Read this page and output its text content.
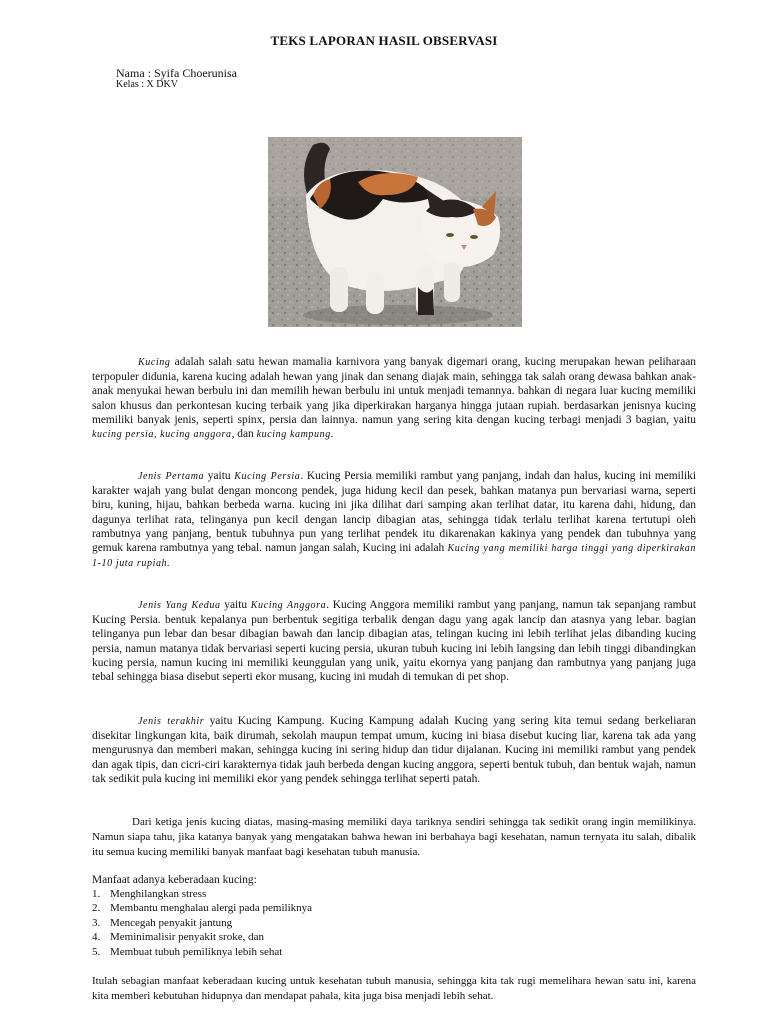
TEKS LAPORAN HASIL OBSERVASI
Nama : Syifa Choerunisa
Kelas : X DKV

Kucing adalah salah satu hewan mamalia karnivora yang banyak digemari orang, kucing merupakan hewan peliharaan terpopuler didunia, karena kucing adalah hewan yang jinak dan senang diajak main, sehingga tak salah orang dewasa bahkan anak-anak menyukai hewan berbulu ini dan memilih hewan berbulu ini untuk menjadi temannya. bahkan di negara luar kucing memiliki salon khusus dan perkontesan kucing terbaik yang jika diperkirakan harganya hingga jutaan rupiah. berdasarkan jenisnya kucing memiliki banyak jenis, seperti spinx, persia dan lainnya. namun yang sering kita dengan kucing terbagi menjadi 3 bagian, yaitu kucing persia, kucing anggora, dan kucing kampung.

Jenis Pertama yaitu Kucing Persia. Kucing Persia memiliki rambut yang panjang, indah dan halus, kucing ini memiliki karakter wajah yang bulat dengan moncong pendek, juga hidung kecil dan pesek, bahkan matanya pun bervariasi warna, seperti biru, kuning, hijau, bahkan berbeda warna. kucing ini jika dilihat dari samping akan terlihat datar, itu karena dahi, hidung, dan dagunya terlihat rata, telinganya pun kecil dengan lancip dibagian atas, sehingga tidak terlalu terlihat karena tertutupi oleh rambutnya yang panjang, bentuk tubuhnya pun yang terlihat pendek itu dikarenakan kakinya yang pendek dan tubuhnya yang gemuk karena rambutnya yang tebal. namun jangan salah, Kucing ini adalah Kucing yang memiliki harga tinggi yang diperkirakan 1-10 juta rupiah.

Jenis Yang Kedua yaitu Kucing Anggora. Kucing Anggora memiliki rambut yang panjang, namun tak sepanjang rambut Kucing Persia. bentuk kepalanya pun berbentuk segitiga terbalik dengan dagu yang agak lancip dan atasnya yang lebar. bagian telinganya pun lebar dan besar dibagian bawah dan lancip dibagian atas, telingan kucing ini lebih terlihat jelas dibanding kucing persia, namun matanya tidak bervariasi seperti kucing persia, ukuran tubuh kucing ini lebih langsing dan lebih tinggi dibandingkan kucing persia, namun kucing ini memiliki keunggulan yang unik, yaitu ekornya yang panjang dan rambutnya yang panjang juga tebal sehingga biasa disebut seperti ekor musang, kucing ini mudah di temukan di pet shop.

Jenis terakhir yaitu Kucing Kampung. Kucing Kampung adalah Kucing yang sering kita temui sedang berkeliaran disekitar lingkungan kita, baik dirumah, sekolah maupun tempat umum, kucing ini biasa disebut kucing liar, karena tak ada yang mengurusnya dan memberi makan, sehingga kucing ini sering hidup dan tidur dijalanan. Kucing ini memiliki rambut yang pendek dan agak tipis, dan cicri-ciri karakternya tidak jauh berbeda dengan kucing anggora, seperti bentuk tubuh, dan bentuk wajah, namun tak sedikit pula kucing ini memiliki ekor yang pendek sehingga terlihat seperti patah.

Dari ketiga jenis kucing diatas, masing-masing memiliki daya tariknya sendiri sehingga tak sedikit orang ingin memilikinya. Namun siapa tahu, jika katanya banyak yang mengatakan bahwa hewan ini berbahaya bagi kesehatan, namun ternyata itu salah, dibalik itu semua kucing memiliki banyak manfaat bagi kesehatan tubuh manusia.

Manfaat adanya keberadaan kucing:
1. Menghilangkan stress
2. Membantu menghalau alergi pada pemiliknya
3. Mencegah penyakit jantung
4. Meminimalisir penyakit sroke, dan
5. Membuat tubuh pemiliknya lebih sehat

Itulah sebagian manfaat keberadaan kucing untuk kesehatan tubuh manusia, sehingga kita tak rugi memelihara hewan satu ini, karena kita memberi kebutuhan hidupnya dan mendapat pahala, kita juga bisa menjadi lebih sehat.
